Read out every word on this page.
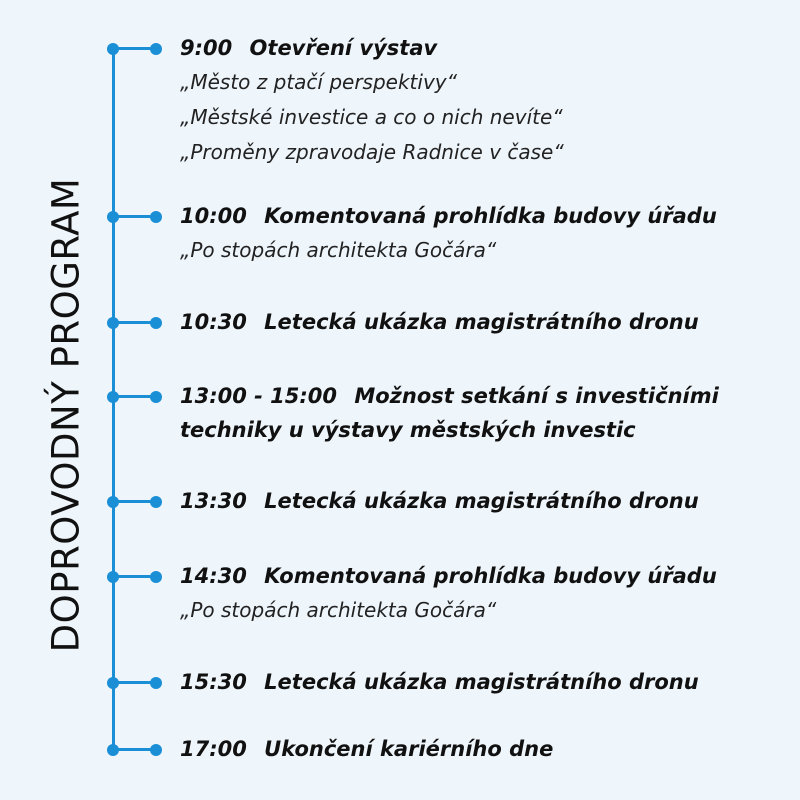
DOPROVODNÝ PROGRAM
9:00 Otevření výstav
„Město z ptačí perspektivy“
„Městské investice a co o nich nevíte“
„Proměny zpravodaje Radnice v čase“
10:00 Komentovaná prohlídka budovy úřadu
„Po stopách architekta Gočára“
10:30 Letecká ukázka magistrátního dronu
13:00 - 15:00 Možnost setkání s investičními techniky u výstavy městských investic
13:30 Letecká ukázka magistrátního dronu
14:30 Komentovaná prohlídka budovy úřadu
„Po stopách architekta Gočára“
15:30 Letecká ukázka magistrátního dronu
17:00 Ukončení kariérního dne
